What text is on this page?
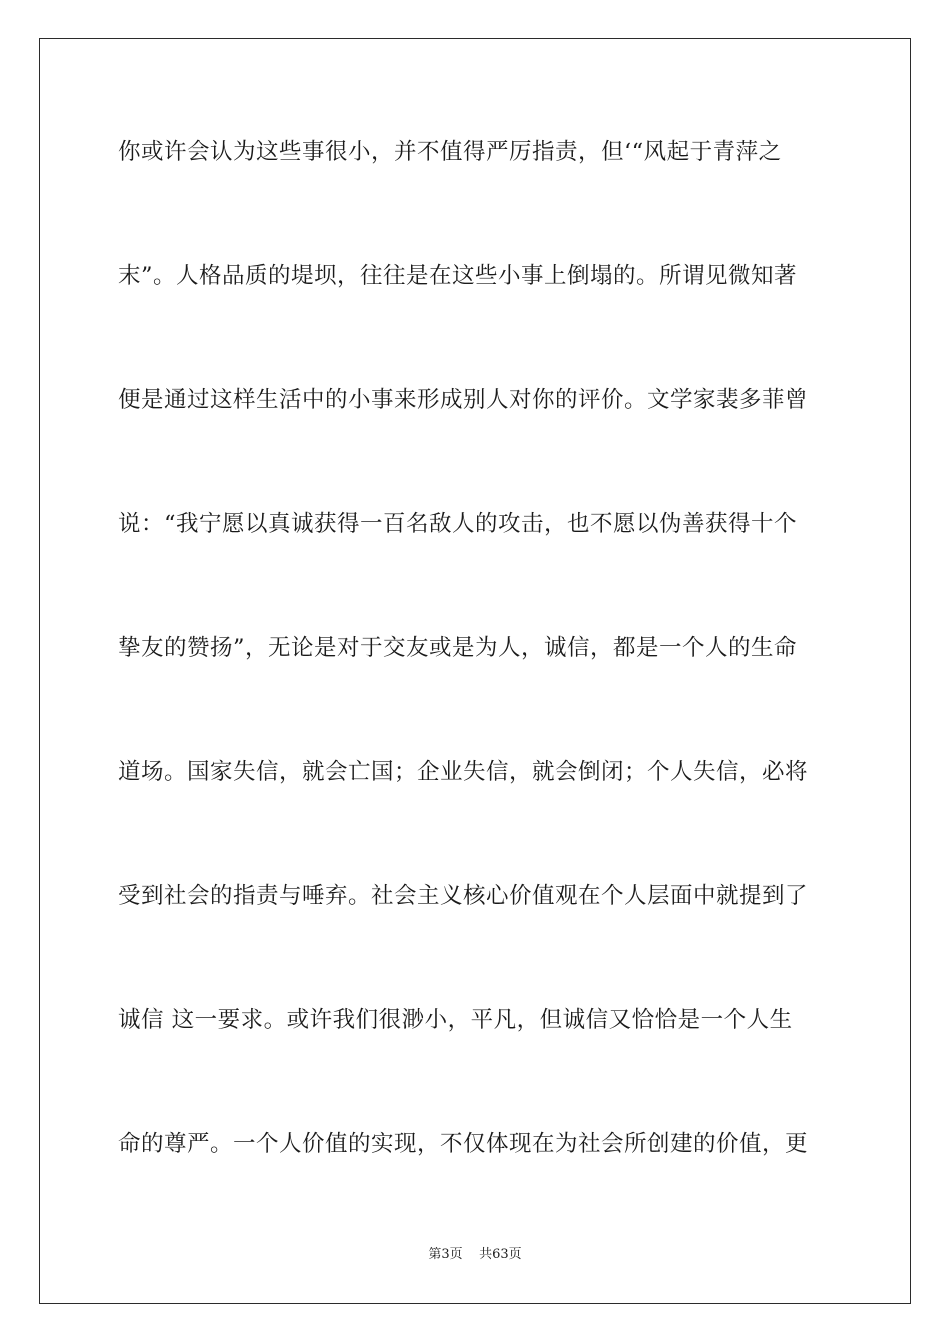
你或许会认为这些事很小，并不值得严厉指责，但‘“风起于青萍之
末”。人格品质的堤坝，往往是在这些小事上倒塌的。所谓见微知著
便是通过这样生活中的小事来形成别人对你的评价。文学家裴多菲曾
说：“我宁愿以真诚获得一百名敌人的攻击，也不愿以伪善获得十个
挚友的赞扬”，无论是对于交友或是为人，诚信，都是一个人的生命
道场。国家失信，就会亡国；企业失信，就会倒闭；个人失信，必将
受到社会的指责与唾弃。社会主义核心价值观在个人层面中就提到了
诚信 这一要求。或许我们很渺小，平凡，但诚信又恰恰是一个人生
命的尊严。一个人价值的实现，不仅体现在为社会所创建的价值，更
第3页 共63页
